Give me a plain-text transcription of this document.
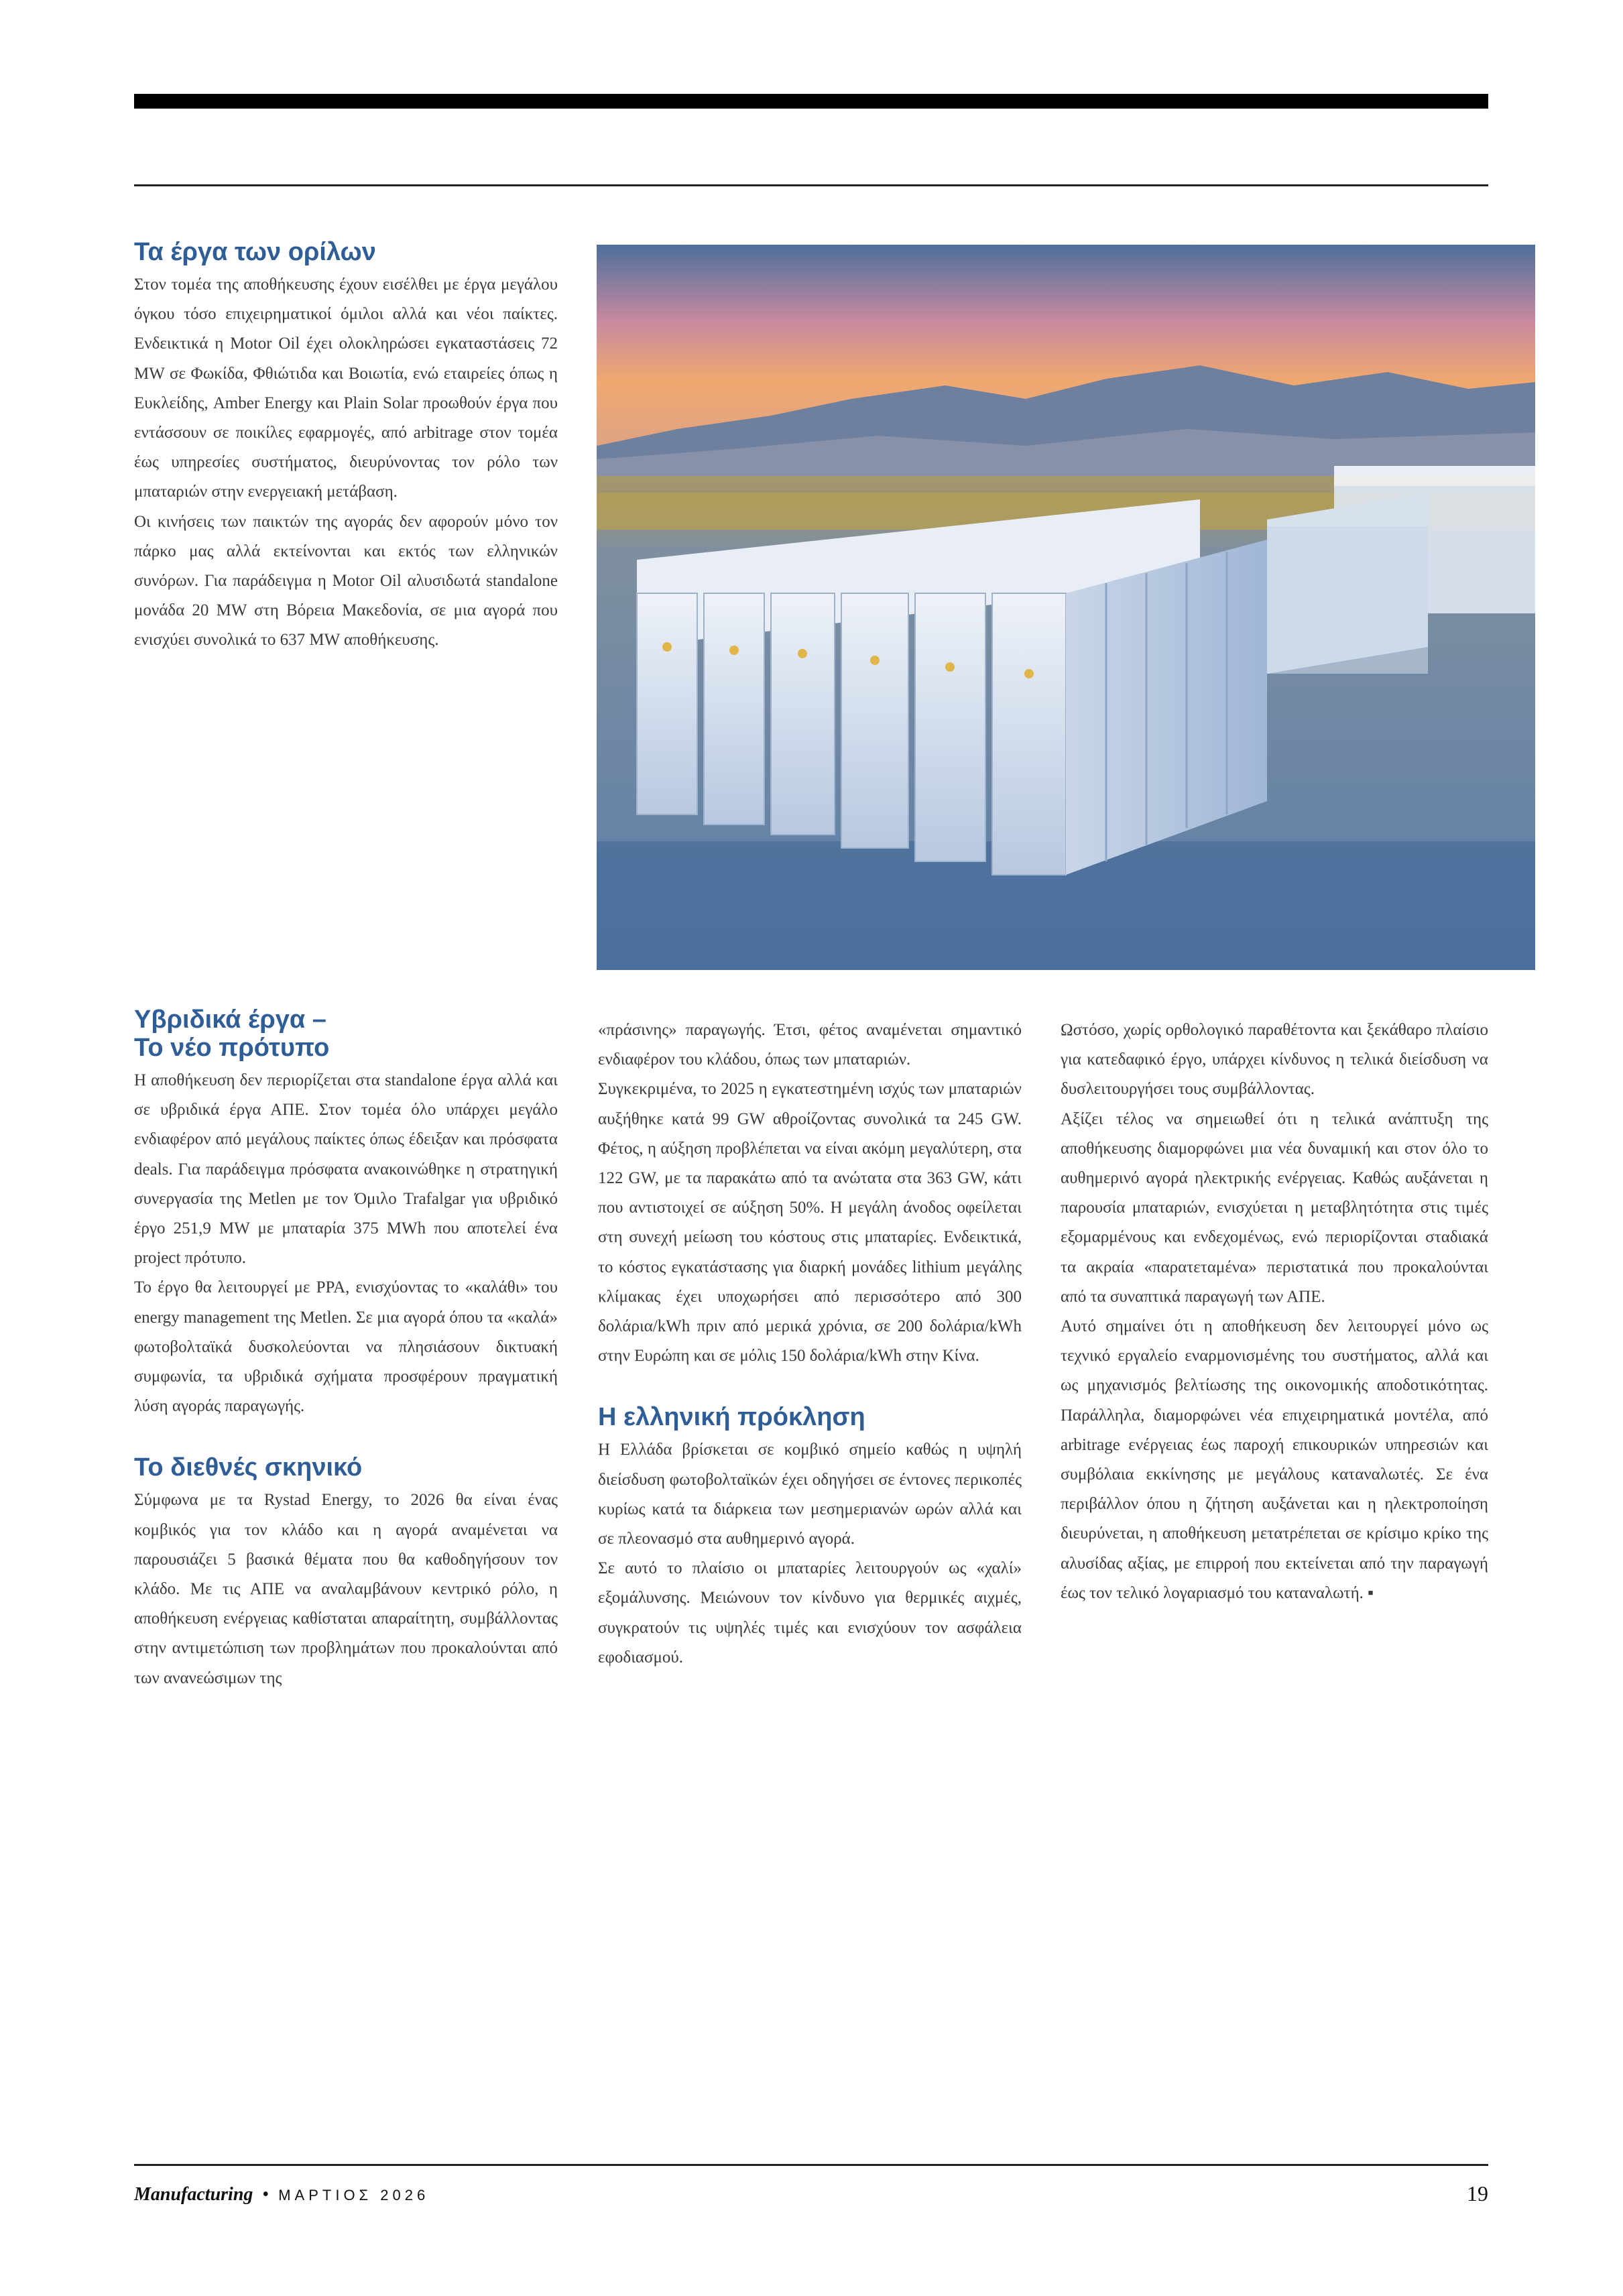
Τα έργα των ορίλων

Στον τομέα της αποθήκευσης έχουν εισέλθει με έργα μεγάλου όγκου τόσο επιχειρηματικοί όμιλοι αλλά και νέοι παίκτες. Ενδεικτικά η Motor Oil έχει ολοκληρώσει εγκαταστάσεις 72 MW σε Φωκίδα, Φθιώτιδα και Βοιωτία, ενώ εταιρείες όπως η Ευκλείδης, Amber Energy και Plain Solar προωθούν έργα που εντάσσουν σε ποικίλες εφαρμογές, από arbitrage στον τομέα έως υπηρεσίες συστήματος, διευρύνοντας τον ρόλο των μπαταριών στην ενεργειακή μετάβαση.

Οι κινήσεις των παικτών της αγοράς δεν αφορούν μόνο τον πάρκο μας αλλά εκτείνονται και εκτός των ελληνικών συνόρων. Για παράδειγμα η Motor Oil αλυσιδωτά standalone μονάδα 20 MW στη Βόρεια Μακεδονία, σε μια αγορά που ενισχύει συνολικά το 637 MW αποθήκευσης.

Υβριδικά έργα –
Το νέο πρότυπο

Η αποθήκευση δεν περιορίζεται στα standalone έργα αλλά και σε υβριδικά έργα ΑΠΕ. Στον τομέα όλο υπάρχει μεγάλο ενδιαφέρον από μεγάλους παίκτες όπως έδειξαν και πρόσφατα deals. Για παράδειγμα πρόσφατα ανακοινώθηκε η στρατηγική συνεργασία της Metlen με τον Όμιλο Trafalgar για υβριδικό έργο 251,9 MW με μπαταρία 375 MWh που αποτελεί ένα project πρότυπο.

Το έργο θα λειτουργεί με PPA, ενισχύοντας το «καλάθι» του energy management της Metlen. Σε μια αγορά όπου τα «καλά» φωτοβολταϊκά δυσκολεύονται να πλησιάσουν δικτυακή συμφωνία, τα υβριδικά σχήματα προσφέρουν πραγματική λύση αγοράς παραγωγής.

Το διεθνές σκηνικό

Σύμφωνα με τα Rystad Energy, το 2026 θα είναι ένας κομβικός για τον κλάδο και η αγορά αναμένεται να παρουσιάζει 5 βασικά θέματα που θα καθοδηγήσουν τον κλάδο. Με τις ΑΠΕ να αναλαμβάνουν κεντρικό ρόλο, η αποθήκευση ενέργειας καθίσταται απαραίτητη, συμβάλλοντας στην αντιμετώπιση των προβλημάτων που προκαλούνται από των ανανεώσιμων της

«πράσινης» παραγωγής. Έτσι, φέτος αναμένεται σημαντικό ενδιαφέρον του κλάδου, όπως των μπαταριών.

Συγκεκριμένα, το 2025 η εγκατεστημένη ισχύς των μπαταριών αυξήθηκε κατά 99 GW αθροίζοντας συνολικά τα 245 GW. Φέτος, η αύξηση προβλέπεται να είναι ακόμη μεγαλύτερη, στα 122 GW, με τα παρακάτω από τα ανώτατα στα 363 GW, κάτι που αντιστοιχεί σε αύξηση 50%. Η μεγάλη άνοδος οφείλεται στη συνεχή μείωση του κόστους στις μπαταρίες. Ενδεικτικά, το κόστος εγκατάστασης για διαρκή μονάδες lithium μεγάλης κλίμακας έχει υποχωρήσει από περισσότερο από 300 δολάρια/kWh πριν από μερικά χρόνια, σε 200 δολάρια/kWh στην Ευρώπη και σε μόλις 150 δολάρια/kWh στην Κίνα.

Η ελληνική πρόκληση

Η Ελλάδα βρίσκεται σε κομβικό σημείο καθώς η υψηλή διείσδυση φωτοβολταϊκών έχει οδηγήσει σε έντονες περικοπές κυρίως κατά τα διάρκεια των μεσημεριανών ωρών αλλά και σε πλεονασμό στα αυθημερινό αγορά.

Σε αυτό το πλαίσιο οι μπαταρίες λειτουργούν ως «χαλί» εξομάλυνσης. Μειώνουν τον κίνδυνο για θερμικές αιχμές, συγκρατούν τις υψηλές τιμές και ενισχύουν τον ασφάλεια εφοδιασμού.

Ωστόσο, χωρίς ορθολογικό παραθέτοντα και ξεκάθαρο πλαίσιο για κατεδαφικό έργο, υπάρχει κίνδυνος η τελικά διείσδυση να δυσλειτουργήσει τους συμβάλλοντας.

Αξίζει τέλος να σημειωθεί ότι η τελικά ανάπτυξη της αποθήκευσης διαμορφώνει μια νέα δυναμική και στον όλο το αυθημερινό αγορά ηλεκτρικής ενέργειας. Καθώς αυξάνεται η παρουσία μπαταριών, ενισχύεται η μεταβλητότητα στις τιμές εξομαρμένους και ενδεχομένως, ενώ περιορίζονται σταδιακά τα ακραία «παρατεταμένα» περιστατικά που προκαλούνται από τα συναπτικά παραγωγή των ΑΠΕ.

Αυτό σημαίνει ότι η αποθήκευση δεν λειτουργεί μόνο ως τεχνικό εργαλείο εναρμονισμένης του συστήματος, αλλά και ως μηχανισμός βελτίωσης της οικονομικής αποδοτικότητας. Παράλληλα, διαμορφώνει νέα επιχειρηματικά μοντέλα, από arbitrage ενέργειας έως παροχή επικουρικών υπηρεσιών και συμβόλαια εκκίνησης με μεγάλους καταναλωτές. Σε ένα περιβάλλον όπου η ζήτηση αυξάνεται και η ηλεκτροποίηση διευρύνεται, η αποθήκευση μετατρέπεται σε κρίσιμο κρίκο της αλυσίδας αξίας, με επιρροή που εκτείνεται από την παραγωγή έως τον τελικό λογαριασμό του καταναλωτή. ▪

Manufacturing • ΜΑΡΤΙΟΣ 2026	19
